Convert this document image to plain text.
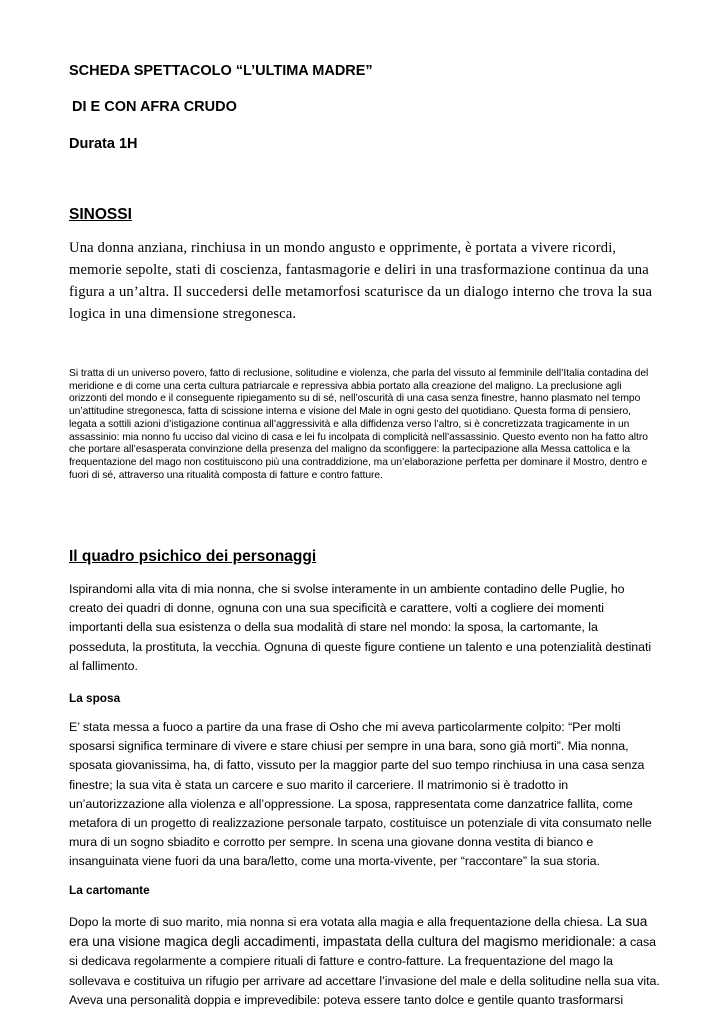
SCHEDA SPETTACOLO “L’ULTIMA MADRE”

DI E CON AFRA CRUDO

Durata 1H

SINOSSI

Una donna anziana, rinchiusa in un mondo angusto e opprimente, è portata a vivere ricordi, memorie sepolte, stati di coscienza, fantasmagorie e deliri in una trasformazione continua da una figura a un’altra. Il succedersi delle metamorfosi scaturisce da un dialogo interno che trova la sua logica in una dimensione stregonesca.

Si tratta di un universo povero, fatto di reclusione, solitudine e violenza, che parla del vissuto al femminile dell’Italia contadina del meridione e di come una certa cultura patriarcale e repressiva abbia portato alla creazione del maligno. La preclusione agli orizzonti del mondo e il conseguente ripiegamento su di sé, nell’oscurità di una casa senza finestre, hanno plasmato nel tempo un’attitudine stregonesca, fatta di scissione interna e visione del Male in ogni gesto del quotidiano. Questa forma di pensiero, legata a sottili azioni d’istigazione continua all’aggressività e alla diffidenza verso l’altro, si è concretizzata tragicamente in un assassinio: mia nonno fu ucciso dal vicino di casa e lei fu incolpata di complicità nell’assassinio. Questo evento non ha fatto altro che portare all’esasperata convinzione della presenza del maligno da sconfiggere: la partecipazione alla Messa cattolica e la frequentazione del mago non costituiscono più una contraddizione, ma un’elaborazione perfetta per dominare il Mostro, dentro e fuori di sé, attraverso una ritualità composta di fatture e contro fatture.

Il quadro psichico dei personaggi

Ispirandomi alla vita di mia nonna, che si svolse interamente in un ambiente contadino delle Puglie, ho creato dei quadri di donne, ognuna con una sua specificità e carattere, volti a cogliere dei momenti importanti della sua esistenza o della sua modalità di stare nel mondo: la sposa, la cartomante, la posseduta, la prostituta, la vecchia. Ognuna di queste figure contiene un talento e una potenzialità destinati al fallimento.

La sposa

E’ stata messa a fuoco a partire da una frase di Osho che mi aveva particolarmente colpito: “Per molti sposarsi significa terminare di vivere e stare chiusi per sempre in una bara, sono già morti”. Mia nonna, sposata giovanissima, ha, di fatto, vissuto per la maggior parte del suo tempo rinchiusa in una casa senza finestre; la sua vita è stata un carcere e suo marito il carceriere. Il matrimonio si è tradotto in un’autorizzazione alla violenza e all’oppressione. La sposa, rappresentata come danzatrice fallita, come metafora di un progetto di realizzazione personale tarpato, costituisce un potenziale di vita consumato nelle mura di un sogno sbiadito e corrotto per sempre. In scena una giovane donna vestita di bianco e insanguinata viene fuori da una bara/letto, come una morta-vivente, per “raccontare” la sua storia.

La cartomante

Dopo la morte di suo marito, mia nonna si era votata alla magia e alla frequentazione della chiesa. La sua era una visione magica degli accadimenti, impastata della cultura del magismo meridionale: a casa si dedicava regolarmente a compiere rituali di fatture e contro-fatture. La frequentazione del mago la sollevava e costituiva un rifugio per arrivare ad accettare l’invasione del male e della solitudine nella sua vita. Aveva una personalità doppia e imprevedibile: poteva essere tanto dolce e gentile quanto trasformarsi
